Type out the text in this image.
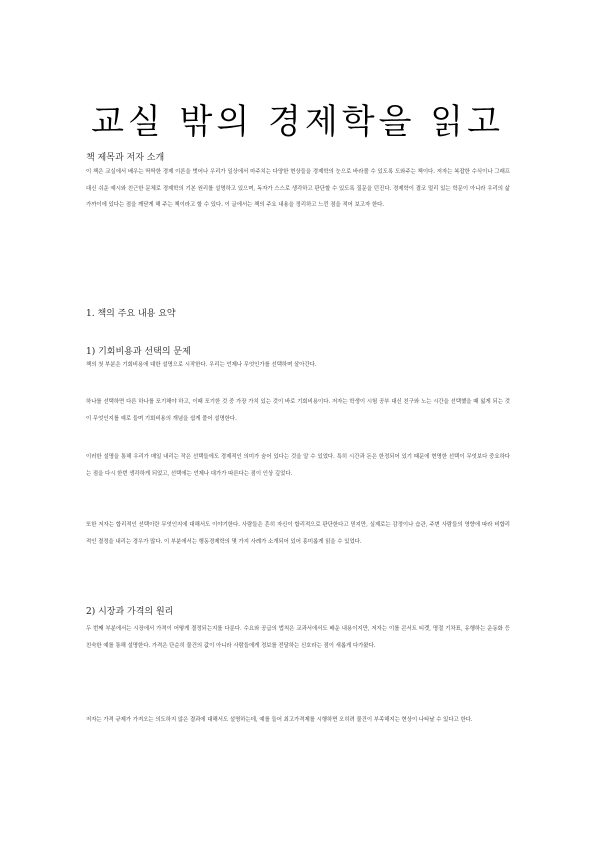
교실 밖의 경제학을 읽고

책 제목과 저자 소개

이 책은 교실에서 배우는 딱딱한 경제 이론을 벗어나 우리가 일상에서 마주치는 다양한 현상들을 경제학의 눈으로 바라볼 수 있도록 도와주는 책이다. 저자는 복잡한 수식이나 그래프 대신 쉬운 예시와 친근한 문체로 경제학의 기본 원리를 설명하고 있으며, 독자가 스스로 생각하고 판단할 수 있도록 질문을 던진다. 경제학이 결코 멀리 있는 학문이 아니라 우리의 삶 가까이에 있다는 점을 깨닫게 해 주는 책이라고 할 수 있다. 이 글에서는 책의 주요 내용을 정리하고 느낀 점을 적어 보고자 한다.

1. 책의 주요 내용 요약

1) 기회비용과 선택의 문제

책의 첫 부분은 기회비용에 대한 설명으로 시작한다. 우리는 언제나 무엇인가를 선택하며 살아간다.

하나를 선택하면 다른 하나를 포기해야 하고, 이때 포기한 것 중 가장 가치 있는 것이 바로 기회비용이다. 저자는 학생이 시험 공부 대신 친구와 노는 시간을 선택했을 때 잃게 되는 것이 무엇인지를 예로 들며 기회비용의 개념을 쉽게 풀어 설명한다.

이러한 설명을 통해 우리가 매일 내리는 작은 선택들에도 경제적인 의미가 숨어 있다는 것을 알 수 있었다. 특히 시간과 돈은 한정되어 있기 때문에 현명한 선택이 무엇보다 중요하다는 점을 다시 한번 생각하게 되었고, 선택에는 언제나 대가가 따른다는 점이 인상 깊었다.

또한 저자는 합리적인 선택이란 무엇인지에 대해서도 이야기한다. 사람들은 흔히 자신이 합리적으로 판단한다고 믿지만, 실제로는 감정이나 습관, 주변 사람들의 영향에 따라 비합리적인 결정을 내리는 경우가 많다. 이 부분에서는 행동경제학의 몇 가지 사례가 소개되어 있어 흥미롭게 읽을 수 있었다.

2) 시장과 가격의 원리

두 번째 부분에서는 시장에서 가격이 어떻게 결정되는지를 다룬다. 수요와 공급의 법칙은 교과서에서도 배운 내용이지만, 저자는 이를 콘서트 티켓, 명절 기차표, 유행하는 운동화 등 친숙한 예를 통해 설명한다. 가격은 단순히 물건의 값이 아니라 사람들에게 정보를 전달하는 신호라는 점이 새롭게 다가왔다.

저자는 가격 규제가 가져오는 의도하지 않은 결과에 대해서도 설명하는데, 예를 들어 최고가격제를 시행하면 오히려 물건이 부족해지는 현상이 나타날 수 있다고 한다.
